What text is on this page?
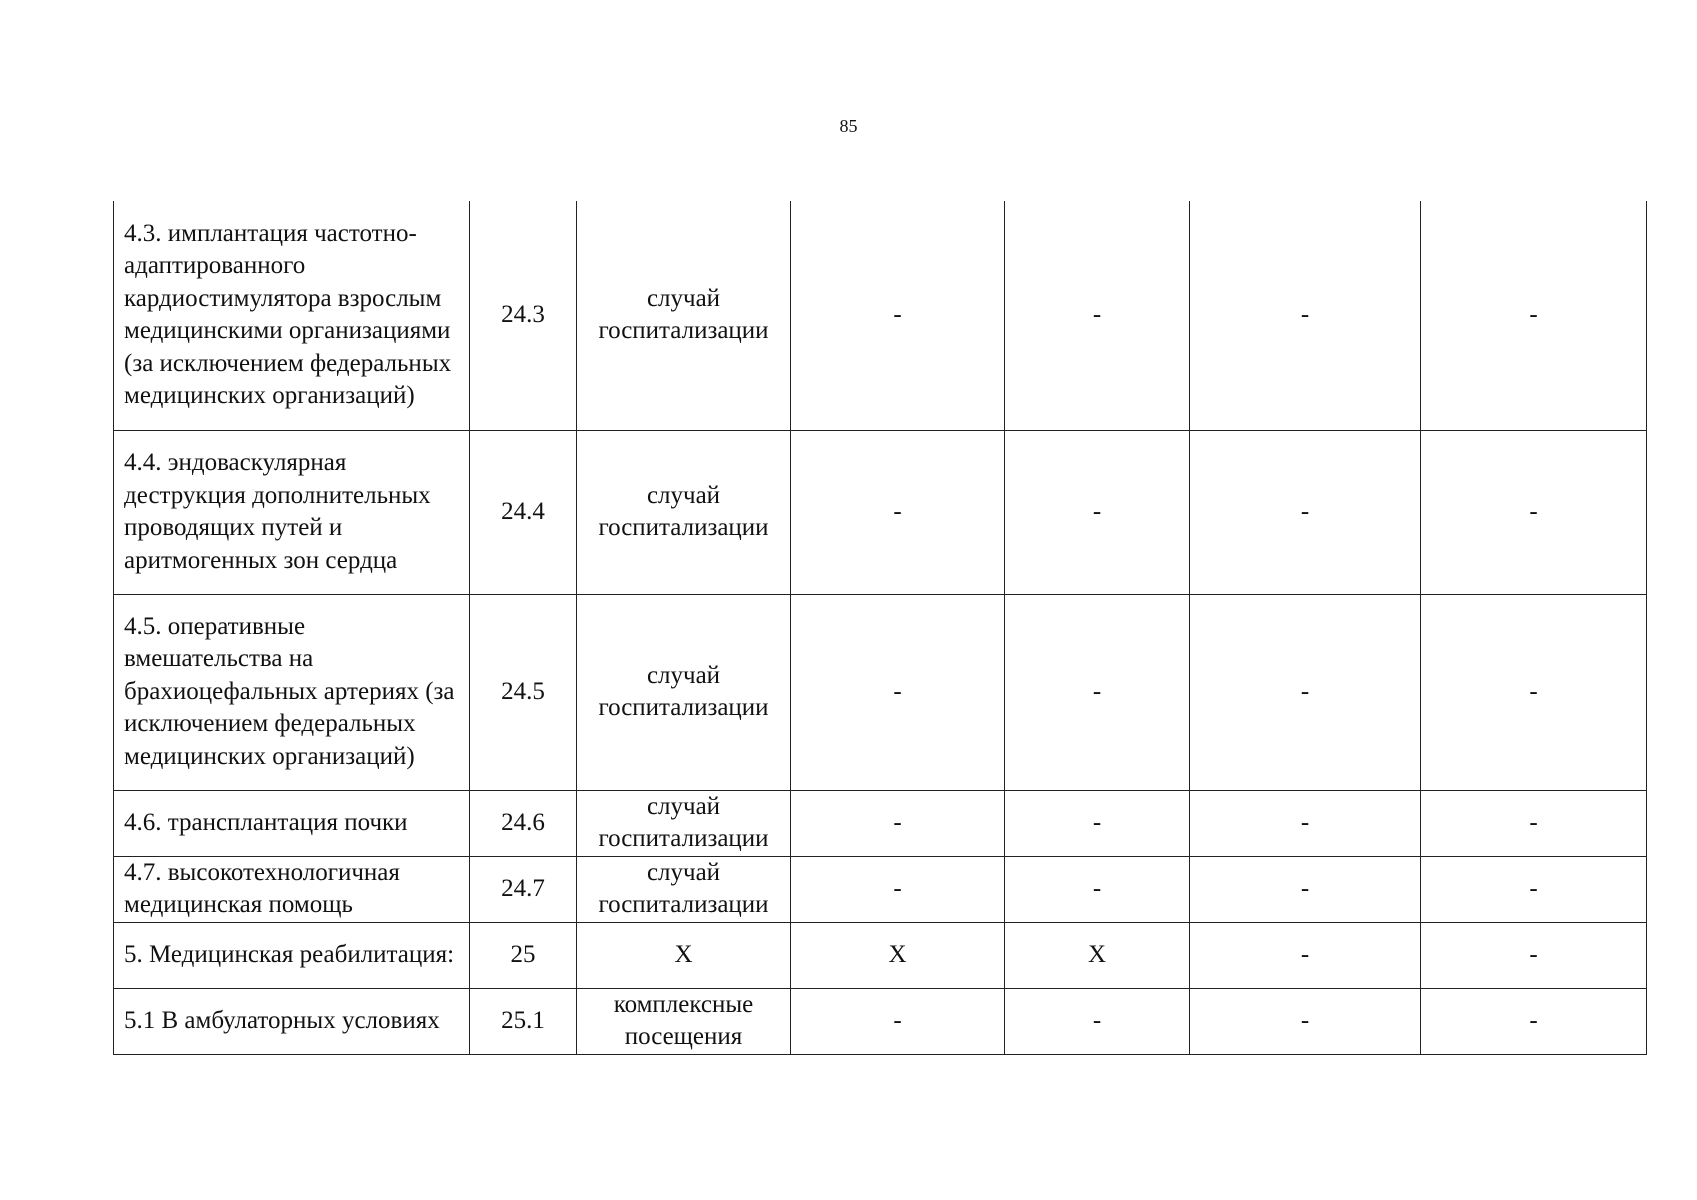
85
4.3. имплантация частотно-адаптированного кардиостимулятора взрослым медицинскими организациями (за исключением федеральных медицинских организаций)	24.3	случай госпитализации	-	-	-	-
4.4. эндоваскулярная деструкция дополнительных проводящих путей и аритмогенных зон сердца	24.4	случай госпитализации	-	-	-	-
4.5. оперативные вмешательства на брахиоцефальных артериях (за исключением федеральных медицинских организаций)	24.5	случай госпитализации	-	-	-	-
4.6. трансплантация почки	24.6	случай госпитализации	-	-	-	-
4.7. высокотехнологичная медицинская помощь	24.7	случай госпитализации	-	-	-	-
5. Медицинская реабилитация:	25	Х	Х	Х	-	-
5.1 В амбулаторных условиях	25.1	комплексные посещения	-	-	-	-
